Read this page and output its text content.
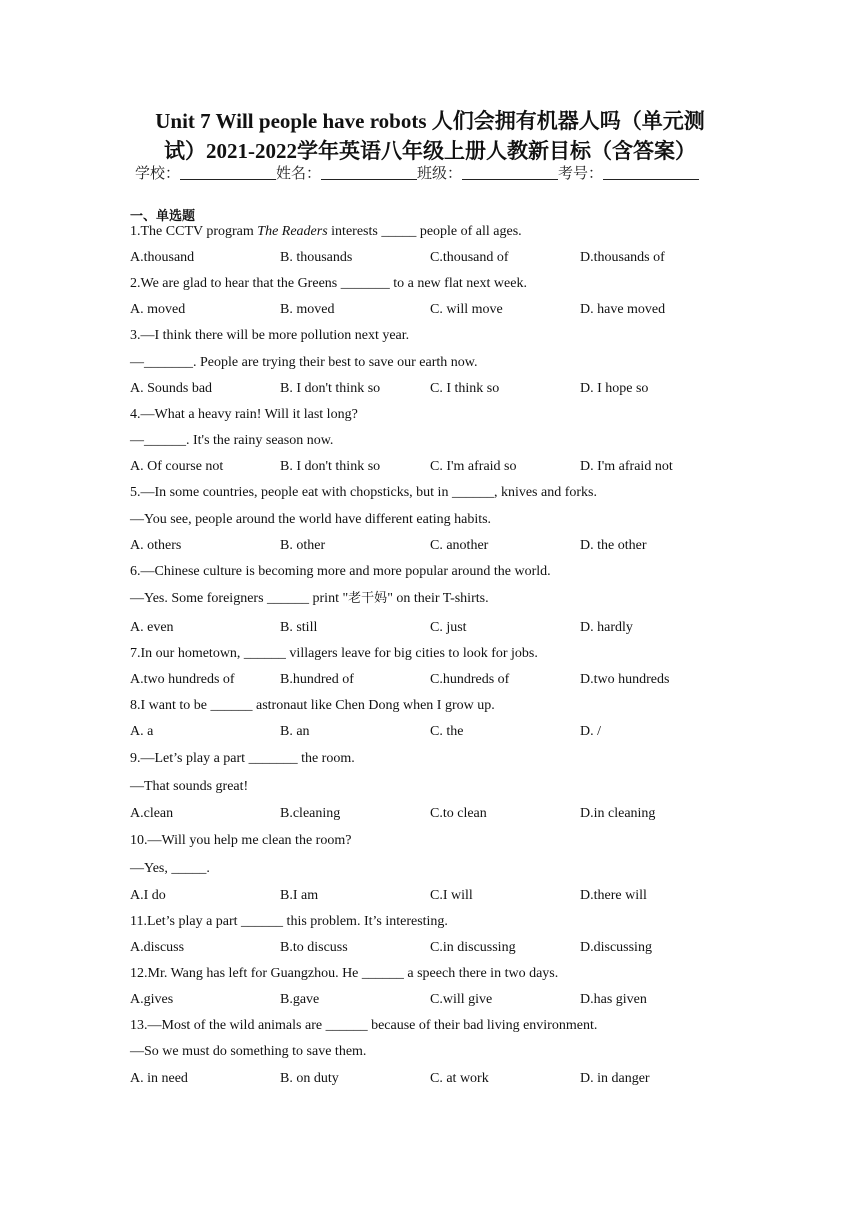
Unit 7 Will people have robots 人们会拥有机器人吗（单元测
试）2021-2022学年英语八年级上册人教新目标（含答案）
学校：	姓名：	班级：	考号：
一、单选题
1.The CCTV program The Readers interests _____ people of all ages.
A.thousand	B. thousands	C.thousand of	D.thousands of
2.We are glad to hear that the Greens _______ to a new flat next week.
A. moved	B. moved	C. will move	D. have moved
3.—I think there will be more pollution next year.
—_______. People are trying their best to save our earth now.
A. Sounds bad	B. I don't think so	C. I think so	D. I hope so
4.—What a heavy rain! Will it last long?
—______. It's the rainy season now.
A. Of course not	B. I don't think so	C. I'm afraid so	D. I'm afraid not
5.—In some countries, people eat with chopsticks, but in ______, knives and forks.
—You see, people around the world have different eating habits.
A. others	B. other	C. another	D. the other
6.—Chinese culture is becoming more and more popular around the world.
—Yes. Some foreigners ______ print "老干妈" on their T-shirts.
A. even	B. still	C. just	D. hardly
7.In our hometown, ______ villagers leave for big cities to look for jobs.
A.two hundreds of	B.hundred of	C.hundreds of	D.two hundreds
8.I want to be ______ astronaut like Chen Dong when I grow up.
A. a	B. an	C. the	D. /
9.—Let’s play a part _______ the room.
—That sounds great!
A.clean	B.cleaning	C.to clean	D.in cleaning
10.—Will you help me clean the room?
—Yes, _____.
A.I do	B.I am	C.I will	D.there will
11.Let’s play a part ______ this problem. It’s interesting.
A.discuss	B.to discuss	C.in discussing	D.discussing
12.Mr. Wang has left for Guangzhou. He ______ a speech there in two days.
A.gives	B.gave	C.will give	D.has given
13.—Most of the wild animals are ______ because of their bad living environment.
—So we must do something to save them.
A. in need	B. on duty	C. at work	D. in danger
